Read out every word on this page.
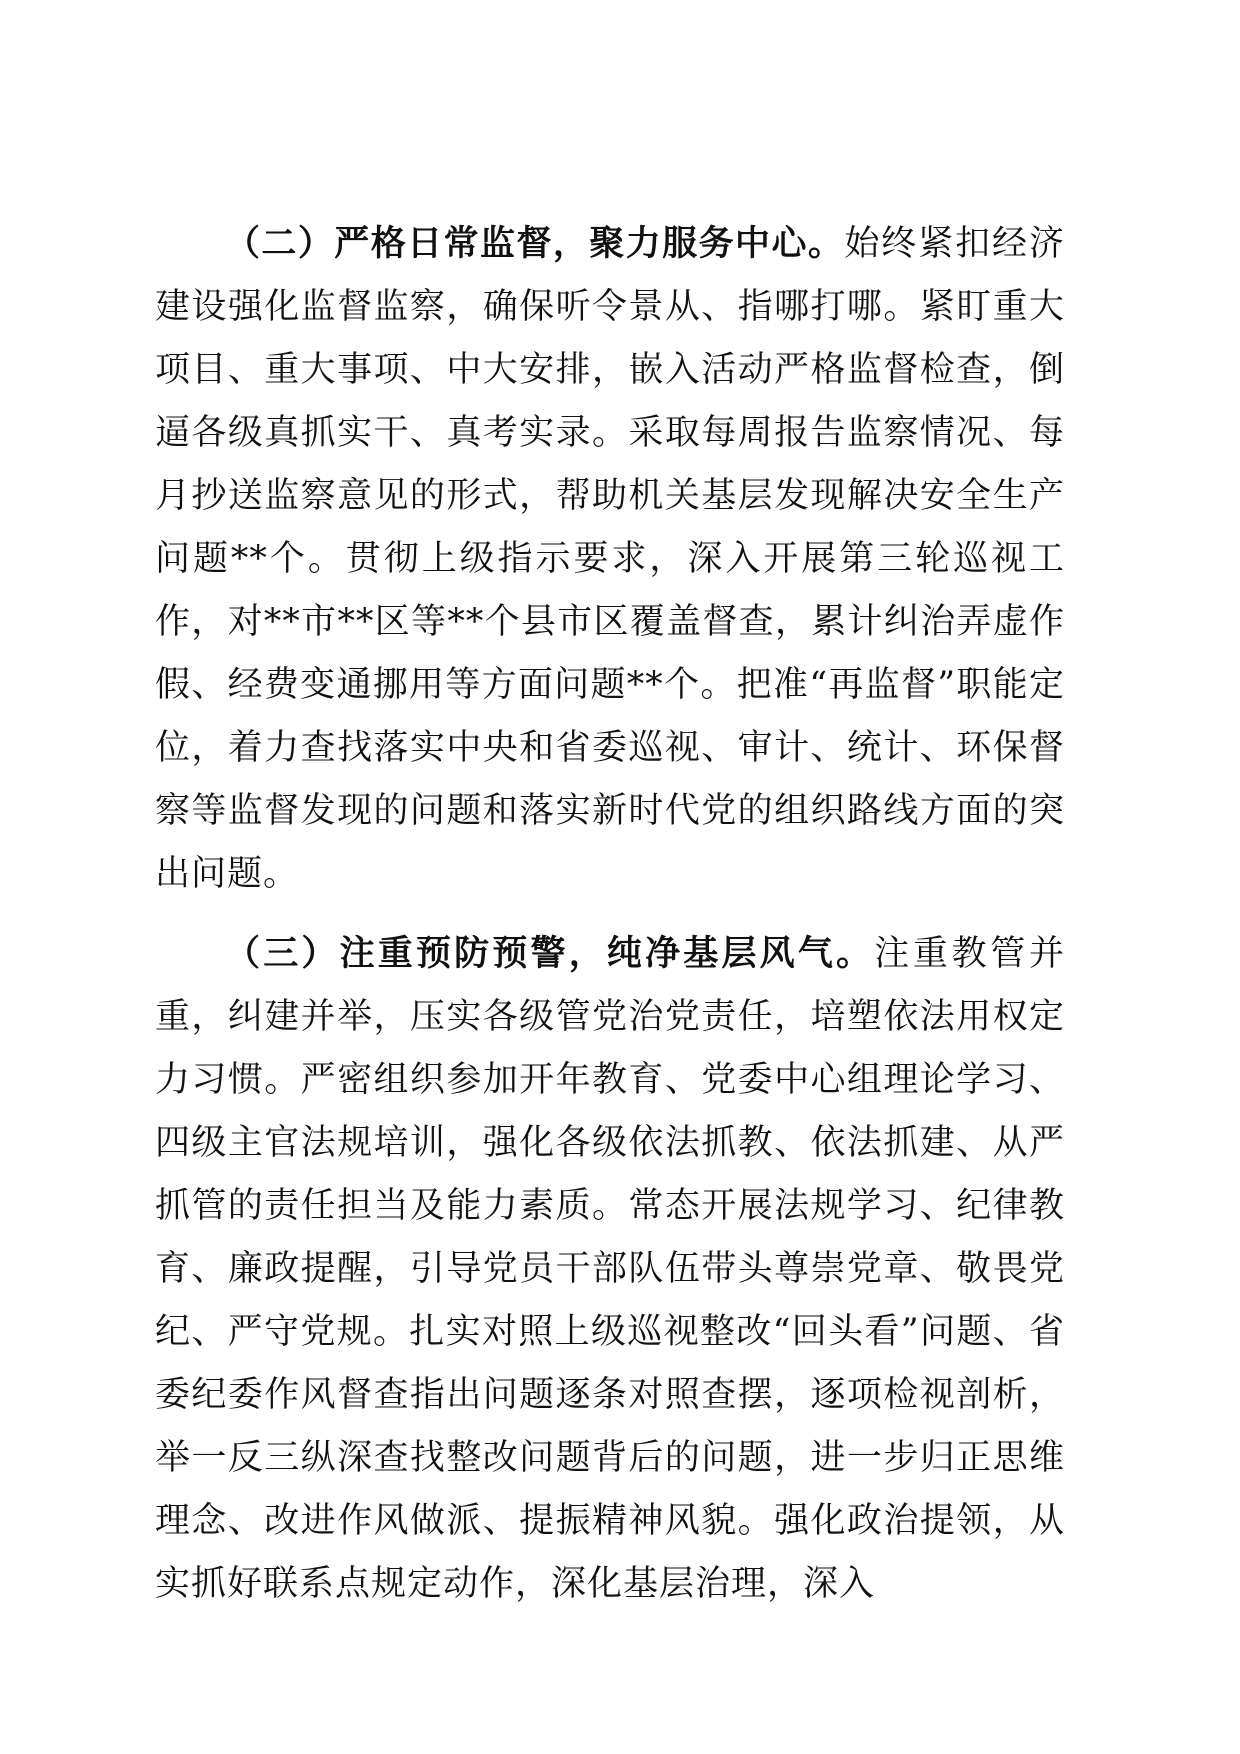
（二）严格日常监督，聚力服务中心。始终紧扣经济建设强化监督监察，确保听令景从、指哪打哪。紧盯重大项目、重大事项、中大安排，嵌入活动严格监督检查，倒逼各级真抓实干、真考实录。采取每周报告监察情况、每月抄送监察意见的形式，帮助机关基层发现解决安全生产问题**个。贯彻上级指示要求，深入开展第三轮巡视工作，对**市**区等**个县市区覆盖督查，累计纠治弄虚作假、经费变通挪用等方面问题**个。把准“再监督”职能定位，着力查找落实中央和省委巡视、审计、统计、环保督察等监督发现的问题和落实新时代党的组织路线方面的突出问题。

（三）注重预防预警，纯净基层风气。注重教管并重，纠建并举，压实各级管党治党责任，培塑依法用权定力习惯。严密组织参加开年教育、党委中心组理论学习、四级主官法规培训，强化各级依法抓教、依法抓建、从严抓管的责任担当及能力素质。常态开展法规学习、纪律教育、廉政提醒，引导党员干部队伍带头尊崇党章、敬畏党纪、严守党规。扎实对照上级巡视整改“回头看”问题、省委纪委作风督查指出问题逐条对照查摆，逐项检视剖析，举一反三纵深查找整改问题背后的问题，进一步归正思维理念、改进作风做派、提振精神风貌。强化政治提领，从实抓好联系点规定动作，深化基层治理，深入
